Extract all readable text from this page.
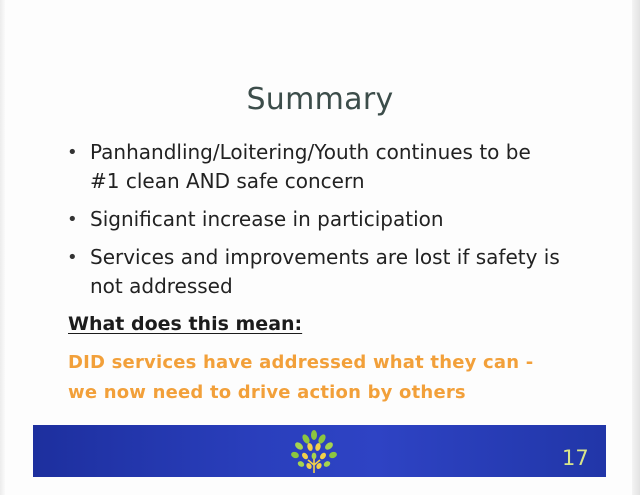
Summary
• Panhandling/Loitering/Youth continues to be
#1 clean AND safe concern
• Significant increase in participation
• Services and improvements are lost if safety is
not addressed
What does this mean:
DID services have addressed what they can -
we now need to drive action by others
17
